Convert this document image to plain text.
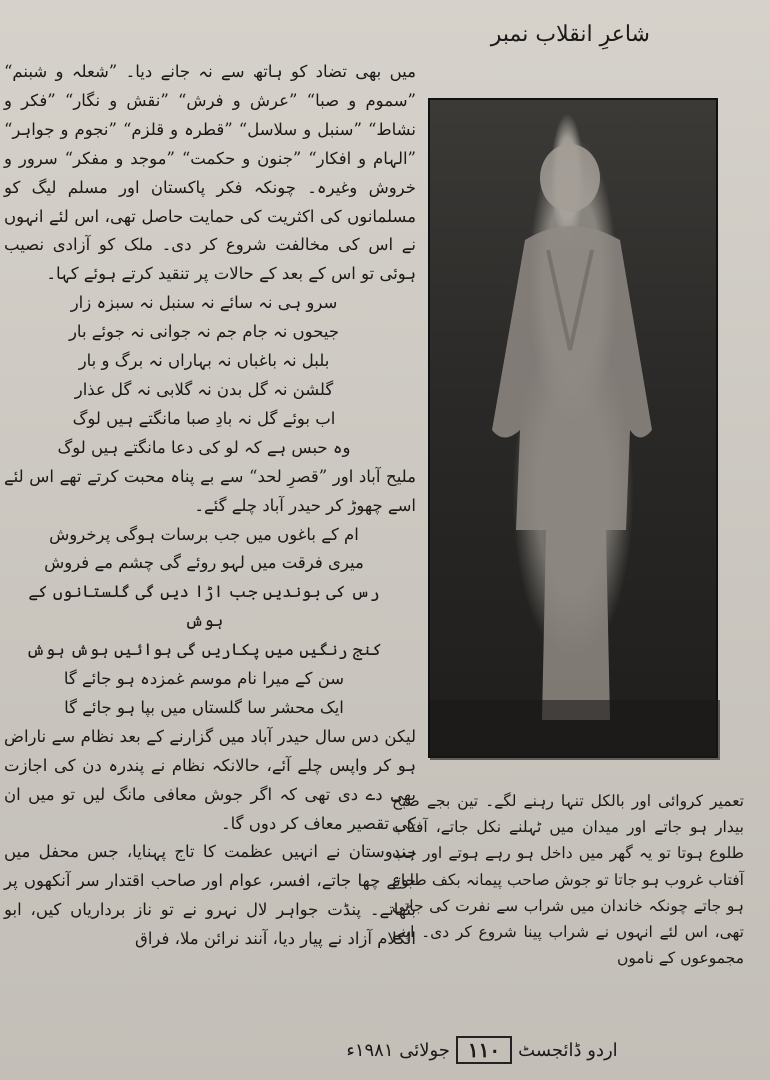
شاعرِ انقلاب نمبر

میں بھی تضاد کو ہاتھ سے نہ جانے دیا۔ ”شعلہ و شبنم“ ”سموم و صبا“ ”عرش و فرش“ ”نقش و نگار“ ”فکر و نشاط“ ”سنبل و سلاسل“ ”قطرہ و قلزم“ ”نجوم و جواہر“ ”الہام و افکار“ ”جنون و حکمت“ ”موجد و مفکر“ سرور و خروش وغیرہ۔ چونکہ فکر پاکستان اور مسلم لیگ کو مسلمانوں کی اکثریت کی حمایت حاصل تھی، اس لئے انہوں نے اس کی مخالفت شروع کر دی۔ ملک کو آزادی نصیب ہوئی تو اس کے بعد کے حالات پر تنقید کرتے ہوئے کہا۔

سرو ہی نہ سائے نہ سنبل نہ سبزہ زار

جیحوں نہ جام جم نہ جوانی نہ جوئے بار

بلبل نہ باغباں نہ بہاراں نہ برگ و بار

گلشن نہ گل بدن نہ گلابی نہ گل عذار

اب بوئے گل نہ بادِ صبا مانگتے ہیں لوگ

وہ حبس ہے کہ لو کی دعا مانگتے ہیں لوگ

ملیح آباد اور ”قصرِ لحد“ سے بے پناہ محبت کرتے تھے اس لئے اسے چھوڑ کر حیدر آباد چلے گئے۔

ام کے باغوں میں جب برسات ہوگی پرخروش

میری فرقت میں لہو روئے گی چشم مے فروش

رس کی بوندیں جب اڑا دیں گی گلستانوں کے ہوش

کنج رنگیں میں پکاریں گی ہوائیں ہوش ہوش

سن کے میرا نام موسم غمزدہ ہو جائے گا

ایک محشر سا گلستاں میں بپا ہو جائے گا

لیکن دس سال حیدر آباد میں گزارنے کے بعد نظام سے ناراض ہو کر واپس چلے آئے، حالانکہ نظام نے پندرہ دن کی اجازت بھی دے دی تھی کہ اگر جوش معافی مانگ لیں تو میں ان کی تقصیر معاف کر دوں گا۔

ہندوستان نے انہیں عظمت کا تاج پہنایا، جس محفل میں جاتے چھا جاتے، افسر، عوام اور صاحب اقتدار سر آنکھوں پر بٹھاتے۔ پنڈت جواہر لال نہرو نے تو ناز برداریاں کیں، ابو الکلام آزاد نے پیار دیا، آنند نرائن ملا، فراق

تعمیر کروائی اور بالکل تنہا رہنے لگے۔ تین بجے صبح بیدار ہو جاتے اور میدان میں ٹہلنے نکل جاتے، آفتاب طلوع ہوتا تو یہ گھر میں داخل ہو رہے ہوتے اور جب آفتاب غروب ہو جاتا تو جوش صاحب پیمانہ بکف طلوع ہو جاتے چونکہ خاندان میں شراب سے نفرت کی جاتی تھی، اس لئے انہوں نے شراب پینا شروع کر دی۔ اپنے مجموعوں کے ناموں

اردو ڈائجسٹ
۱۱۰
جولائی ۱۹۸۱ء
